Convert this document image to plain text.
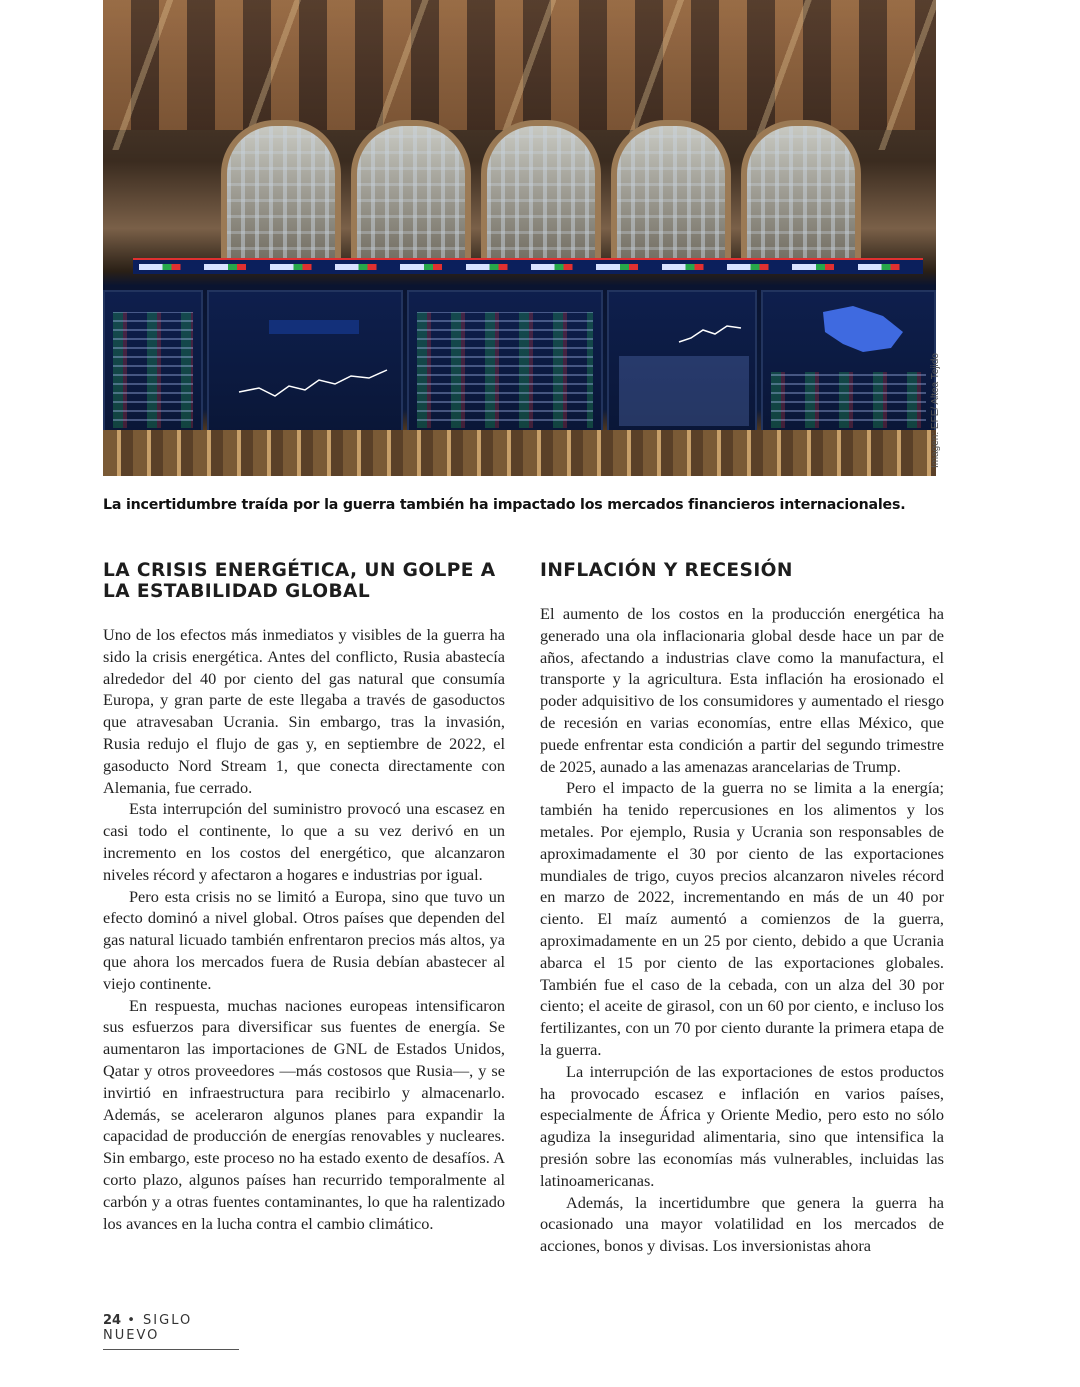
Imagen: EFE/ Altea Tejido
La incertidumbre traída por la guerra también ha impactado los mercados financieros internacionales.
LA CRISIS ENERGÉTICA, UN GOLPE A LA ESTABILIDAD GLOBAL

Uno de los efectos más inmediatos y visibles de la guerra ha sido la crisis energética. Antes del conflicto, Rusia abastecía alrededor del 40 por ciento del gas natural que consumía Europa, y gran parte de este llegaba a través de gasoductos que atravesaban Ucrania. Sin embargo, tras la invasión, Rusia redujo el flujo de gas y, en septiembre de 2022, el gasoducto Nord Stream 1, que conecta directamente con Alemania, fue cerrado.

Esta interrupción del suministro provocó una escasez en casi todo el continente, lo que a su vez derivó en un incremento en los costos del energético, que alcanzaron niveles récord y afectaron a hogares e industrias por igual.

Pero esta crisis no se limitó a Europa, sino que tuvo un efecto dominó a nivel global. Otros países que dependen del gas natural licuado también enfrentaron precios más altos, ya que ahora los mercados fuera de Rusia debían abastecer al viejo continente.

En respuesta, muchas naciones europeas intensificaron sus esfuerzos para diversificar sus fuentes de energía. Se aumentaron las importaciones de GNL de Estados Unidos, Qatar y otros proveedores —más costosos que Rusia—, y se invirtió en infraestructura para recibirlo y almacenarlo. Además, se aceleraron algunos planes para expandir la capacidad de producción de energías renovables y nucleares. Sin embargo, este proceso no ha estado exento de desafíos. A corto plazo, algunos países han recurrido temporalmente al carbón y a otras fuentes contaminantes, lo que ha ralentizado los avances en la lucha contra el cambio climático.

INFLACIÓN Y RECESIÓN

El aumento de los costos en la producción energética ha generado una ola inflacionaria global desde hace un par de años, afectando a industrias clave como la manufactura, el transporte y la agricultura. Esta inflación ha erosionado el poder adquisitivo de los consumidores y aumentado el riesgo de recesión en varias economías, entre ellas México, que puede enfrentar esta condición a partir del segundo trimestre de 2025, aunado a las amenazas arancelarias de Trump.

Pero el impacto de la guerra no se limita a la energía; también ha tenido repercusiones en los alimentos y los metales. Por ejemplo, Rusia y Ucrania son responsables de aproximadamente el 30 por ciento de las exportaciones mundiales de trigo, cuyos precios alcanzaron niveles récord en marzo de 2022, incrementando en más de un 40 por ciento. El maíz aumentó a comienzos de la guerra, aproximadamente en un 25 por ciento, debido a que Ucrania abarca el 15 por ciento de las exportaciones globales. También fue el caso de la cebada, con un alza del 30 por ciento; el aceite de girasol, con un 60 por ciento, e incluso los fertilizantes, con un 70 por ciento durante la primera etapa de la guerra.

La interrupción de las exportaciones de estos productos ha provocado escasez e inflación en varios países, especialmente de África y Oriente Medio, pero esto no sólo agudiza la inseguridad alimentaria, sino que intensifica la presión sobre las economías más vulnerables, incluidas las latinoamericanas.

Además, la incertidumbre que genera la guerra ha ocasionado una mayor volatilidad en los mercados de acciones, bonos y divisas. Los inversionistas ahora

24 • SIGLO NUEVO
